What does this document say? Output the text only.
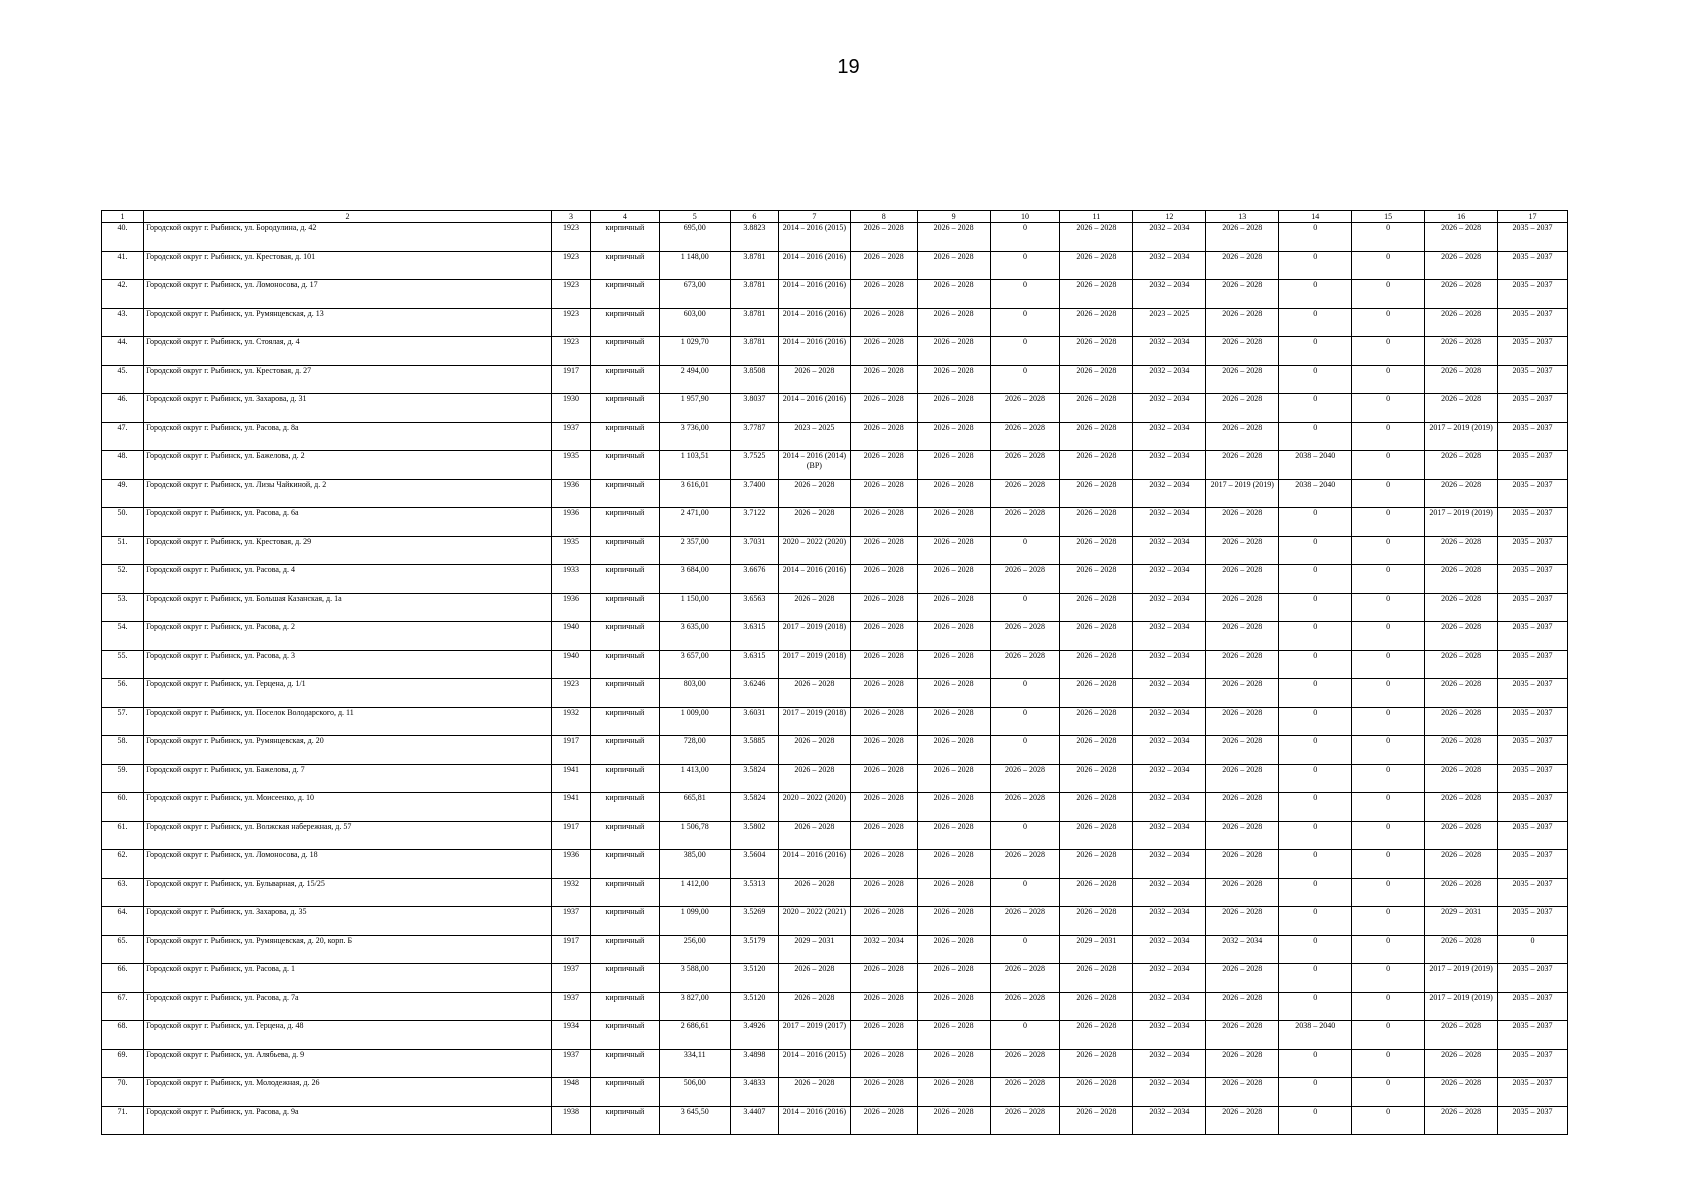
19
1	2	3	4	5	6	7	8	9	10	11	12	13	14	15	16	17
40.	Городской округ г. Рыбинск, ул. Бородулина, д. 42	1923	кирпичный	695,00	3.8823	2014 – 2016 (2015)	2026 – 2028	2026 – 2028	0	2026 – 2028	2032 – 2034	2026 – 2028	0	0	2026 – 2028	2035 – 2037
41.	Городской округ г. Рыбинск, ул. Крестовая, д. 101	1923	кирпичный	1 148,00	3.8781	2014 – 2016 (2016)	2026 – 2028	2026 – 2028	0	2026 – 2028	2032 – 2034	2026 – 2028	0	0	2026 – 2028	2035 – 2037
42.	Городской округ г. Рыбинск, ул. Ломоносова, д. 17	1923	кирпичный	673,00	3.8781	2014 – 2016 (2016)	2026 – 2028	2026 – 2028	0	2026 – 2028	2032 – 2034	2026 – 2028	0	0	2026 – 2028	2035 – 2037
43.	Городской округ г. Рыбинск, ул. Румянцевская, д. 13	1923	кирпичный	603,00	3.8781	2014 – 2016 (2016)	2026 – 2028	2026 – 2028	0	2026 – 2028	2023 – 2025	2026 – 2028	0	0	2026 – 2028	2035 – 2037
44.	Городской округ г. Рыбинск, ул. Стоялая, д. 4	1923	кирпичный	1 029,70	3.8781	2014 – 2016 (2016)	2026 – 2028	2026 – 2028	0	2026 – 2028	2032 – 2034	2026 – 2028	0	0	2026 – 2028	2035 – 2037
45.	Городской округ г. Рыбинск, ул. Крестовая, д. 27	1917	кирпичный	2 494,00	3.8508	2026 – 2028	2026 – 2028	2026 – 2028	0	2026 – 2028	2032 – 2034	2026 – 2028	0	0	2026 – 2028	2035 – 2037
46.	Городской округ г. Рыбинск, ул. Захарова, д. 31	1930	кирпичный	1 957,90	3.8037	2014 – 2016 (2016)	2026 – 2028	2026 – 2028	2026 – 2028	2026 – 2028	2032 – 2034	2026 – 2028	0	0	2026 – 2028	2035 – 2037
47.	Городской округ г. Рыбинск, ул. Расова, д. 8а	1937	кирпичный	3 736,00	3.7787	2023 – 2025	2026 – 2028	2026 – 2028	2026 – 2028	2026 – 2028	2032 – 2034	2026 – 2028	0	0	2017 – 2019 (2019)	2035 – 2037
48.	Городской округ г. Рыбинск, ул. Бажелова, д. 2	1935	кирпичный	1 103,51	3.7525	2014 – 2016 (2014) (ВР)	2026 – 2028	2026 – 2028	2026 – 2028	2026 – 2028	2032 – 2034	2026 – 2028	2038 – 2040	0	2026 – 2028	2035 – 2037
49.	Городской округ г. Рыбинск, ул. Лизы Чайкиной, д. 2	1936	кирпичный	3 616,01	3.7400	2026 – 2028	2026 – 2028	2026 – 2028	2026 – 2028	2026 – 2028	2032 – 2034	2017 – 2019 (2019)	2038 – 2040	0	2026 – 2028	2035 – 2037
50.	Городской округ г. Рыбинск, ул. Расова, д. 6а	1936	кирпичный	2 471,00	3.7122	2026 – 2028	2026 – 2028	2026 – 2028	2026 – 2028	2026 – 2028	2032 – 2034	2026 – 2028	0	0	2017 – 2019 (2019)	2035 – 2037
51.	Городской округ г. Рыбинск, ул. Крестовая, д. 29	1935	кирпичный	2 357,00	3.7031	2020 – 2022 (2020)	2026 – 2028	2026 – 2028	0	2026 – 2028	2032 – 2034	2026 – 2028	0	0	2026 – 2028	2035 – 2037
52.	Городской округ г. Рыбинск, ул. Расова, д. 4	1933	кирпичный	3 684,00	3.6676	2014 – 2016 (2016)	2026 – 2028	2026 – 2028	2026 – 2028	2026 – 2028	2032 – 2034	2026 – 2028	0	0	2026 – 2028	2035 – 2037
53.	Городской округ г. Рыбинск, ул. Большая Казанская, д. 1а	1936	кирпичный	1 150,00	3.6563	2026 – 2028	2026 – 2028	2026 – 2028	0	2026 – 2028	2032 – 2034	2026 – 2028	0	0	2026 – 2028	2035 – 2037
54.	Городской округ г. Рыбинск, ул. Расова, д. 2	1940	кирпичный	3 635,00	3.6315	2017 – 2019 (2018)	2026 – 2028	2026 – 2028	2026 – 2028	2026 – 2028	2032 – 2034	2026 – 2028	0	0	2026 – 2028	2035 – 2037
55.	Городской округ г. Рыбинск, ул. Расова, д. 3	1940	кирпичный	3 657,00	3.6315	2017 – 2019 (2018)	2026 – 2028	2026 – 2028	2026 – 2028	2026 – 2028	2032 – 2034	2026 – 2028	0	0	2026 – 2028	2035 – 2037
56.	Городской округ г. Рыбинск, ул. Герцена, д. 1/1	1923	кирпичный	803,00	3.6246	2026 – 2028	2026 – 2028	2026 – 2028	0	2026 – 2028	2032 – 2034	2026 – 2028	0	0	2026 – 2028	2035 – 2037
57.	Городской округ г. Рыбинск, ул. Поселок Володарского, д. 11	1932	кирпичный	1 009,00	3.6031	2017 – 2019 (2018)	2026 – 2028	2026 – 2028	0	2026 – 2028	2032 – 2034	2026 – 2028	0	0	2026 – 2028	2035 – 2037
58.	Городской округ г. Рыбинск, ул. Румянцевская, д. 20	1917	кирпичный	728,00	3.5885	2026 – 2028	2026 – 2028	2026 – 2028	0	2026 – 2028	2032 – 2034	2026 – 2028	0	0	2026 – 2028	2035 – 2037
59.	Городской округ г. Рыбинск, ул. Бажелова, д. 7	1941	кирпичный	1 413,00	3.5824	2026 – 2028	2026 – 2028	2026 – 2028	2026 – 2028	2026 – 2028	2032 – 2034	2026 – 2028	0	0	2026 – 2028	2035 – 2037
60.	Городской округ г. Рыбинск, ул. Моисеенко, д. 10	1941	кирпичный	665,81	3.5824	2020 – 2022 (2020)	2026 – 2028	2026 – 2028	2026 – 2028	2026 – 2028	2032 – 2034	2026 – 2028	0	0	2026 – 2028	2035 – 2037
61.	Городской округ г. Рыбинск, ул. Волжская набережная, д. 57	1917	кирпичный	1 506,78	3.5802	2026 – 2028	2026 – 2028	2026 – 2028	0	2026 – 2028	2032 – 2034	2026 – 2028	0	0	2026 – 2028	2035 – 2037
62.	Городской округ г. Рыбинск, ул. Ломоносова, д. 18	1936	кирпичный	385,00	3.5604	2014 – 2016 (2016)	2026 – 2028	2026 – 2028	2026 – 2028	2026 – 2028	2032 – 2034	2026 – 2028	0	0	2026 – 2028	2035 – 2037
63.	Городской округ г. Рыбинск, ул. Бульварная, д. 15/25	1932	кирпичный	1 412,00	3.5313	2026 – 2028	2026 – 2028	2026 – 2028	0	2026 – 2028	2032 – 2034	2026 – 2028	0	0	2026 – 2028	2035 – 2037
64.	Городской округ г. Рыбинск, ул. Захарова, д. 35	1937	кирпичный	1 099,00	3.5269	2020 – 2022 (2021)	2026 – 2028	2026 – 2028	2026 – 2028	2026 – 2028	2032 – 2034	2026 – 2028	0	0	2029 – 2031	2035 – 2037
65.	Городской округ г. Рыбинск, ул. Румянцевская, д. 20, корп. Б	1917	кирпичный	256,00	3.5179	2029 – 2031	2032 – 2034	2026 – 2028	0	2029 – 2031	2032 – 2034	2032 – 2034	0	0	2026 – 2028	0
66.	Городской округ г. Рыбинск, ул. Расова, д. 1	1937	кирпичный	3 588,00	3.5120	2026 – 2028	2026 – 2028	2026 – 2028	2026 – 2028	2026 – 2028	2032 – 2034	2026 – 2028	0	0	2017 – 2019 (2019)	2035 – 2037
67.	Городской округ г. Рыбинск, ул. Расова, д. 7а	1937	кирпичный	3 827,00	3.5120	2026 – 2028	2026 – 2028	2026 – 2028	2026 – 2028	2026 – 2028	2032 – 2034	2026 – 2028	0	0	2017 – 2019 (2019)	2035 – 2037
68.	Городской округ г. Рыбинск, ул. Герцена, д. 48	1934	кирпичный	2 686,61	3.4926	2017 – 2019 (2017)	2026 – 2028	2026 – 2028	0	2026 – 2028	2032 – 2034	2026 – 2028	2038 – 2040	0	2026 – 2028	2035 – 2037
69.	Городской округ г. Рыбинск, ул. Алябьева, д. 9	1937	кирпичный	334,11	3.4898	2014 – 2016 (2015)	2026 – 2028	2026 – 2028	2026 – 2028	2026 – 2028	2032 – 2034	2026 – 2028	0	0	2026 – 2028	2035 – 2037
70.	Городской округ г. Рыбинск, ул. Молодежная, д. 26	1948	кирпичный	506,00	3.4833	2026 – 2028	2026 – 2028	2026 – 2028	2026 – 2028	2026 – 2028	2032 – 2034	2026 – 2028	0	0	2026 – 2028	2035 – 2037
71.	Городской округ г. Рыбинск, ул. Расова, д. 9а	1938	кирпичный	3 645,50	3.4407	2014 – 2016 (2016)	2026 – 2028	2026 – 2028	2026 – 2028	2026 – 2028	2032 – 2034	2026 – 2028	0	0	2026 – 2028	2035 – 2037
